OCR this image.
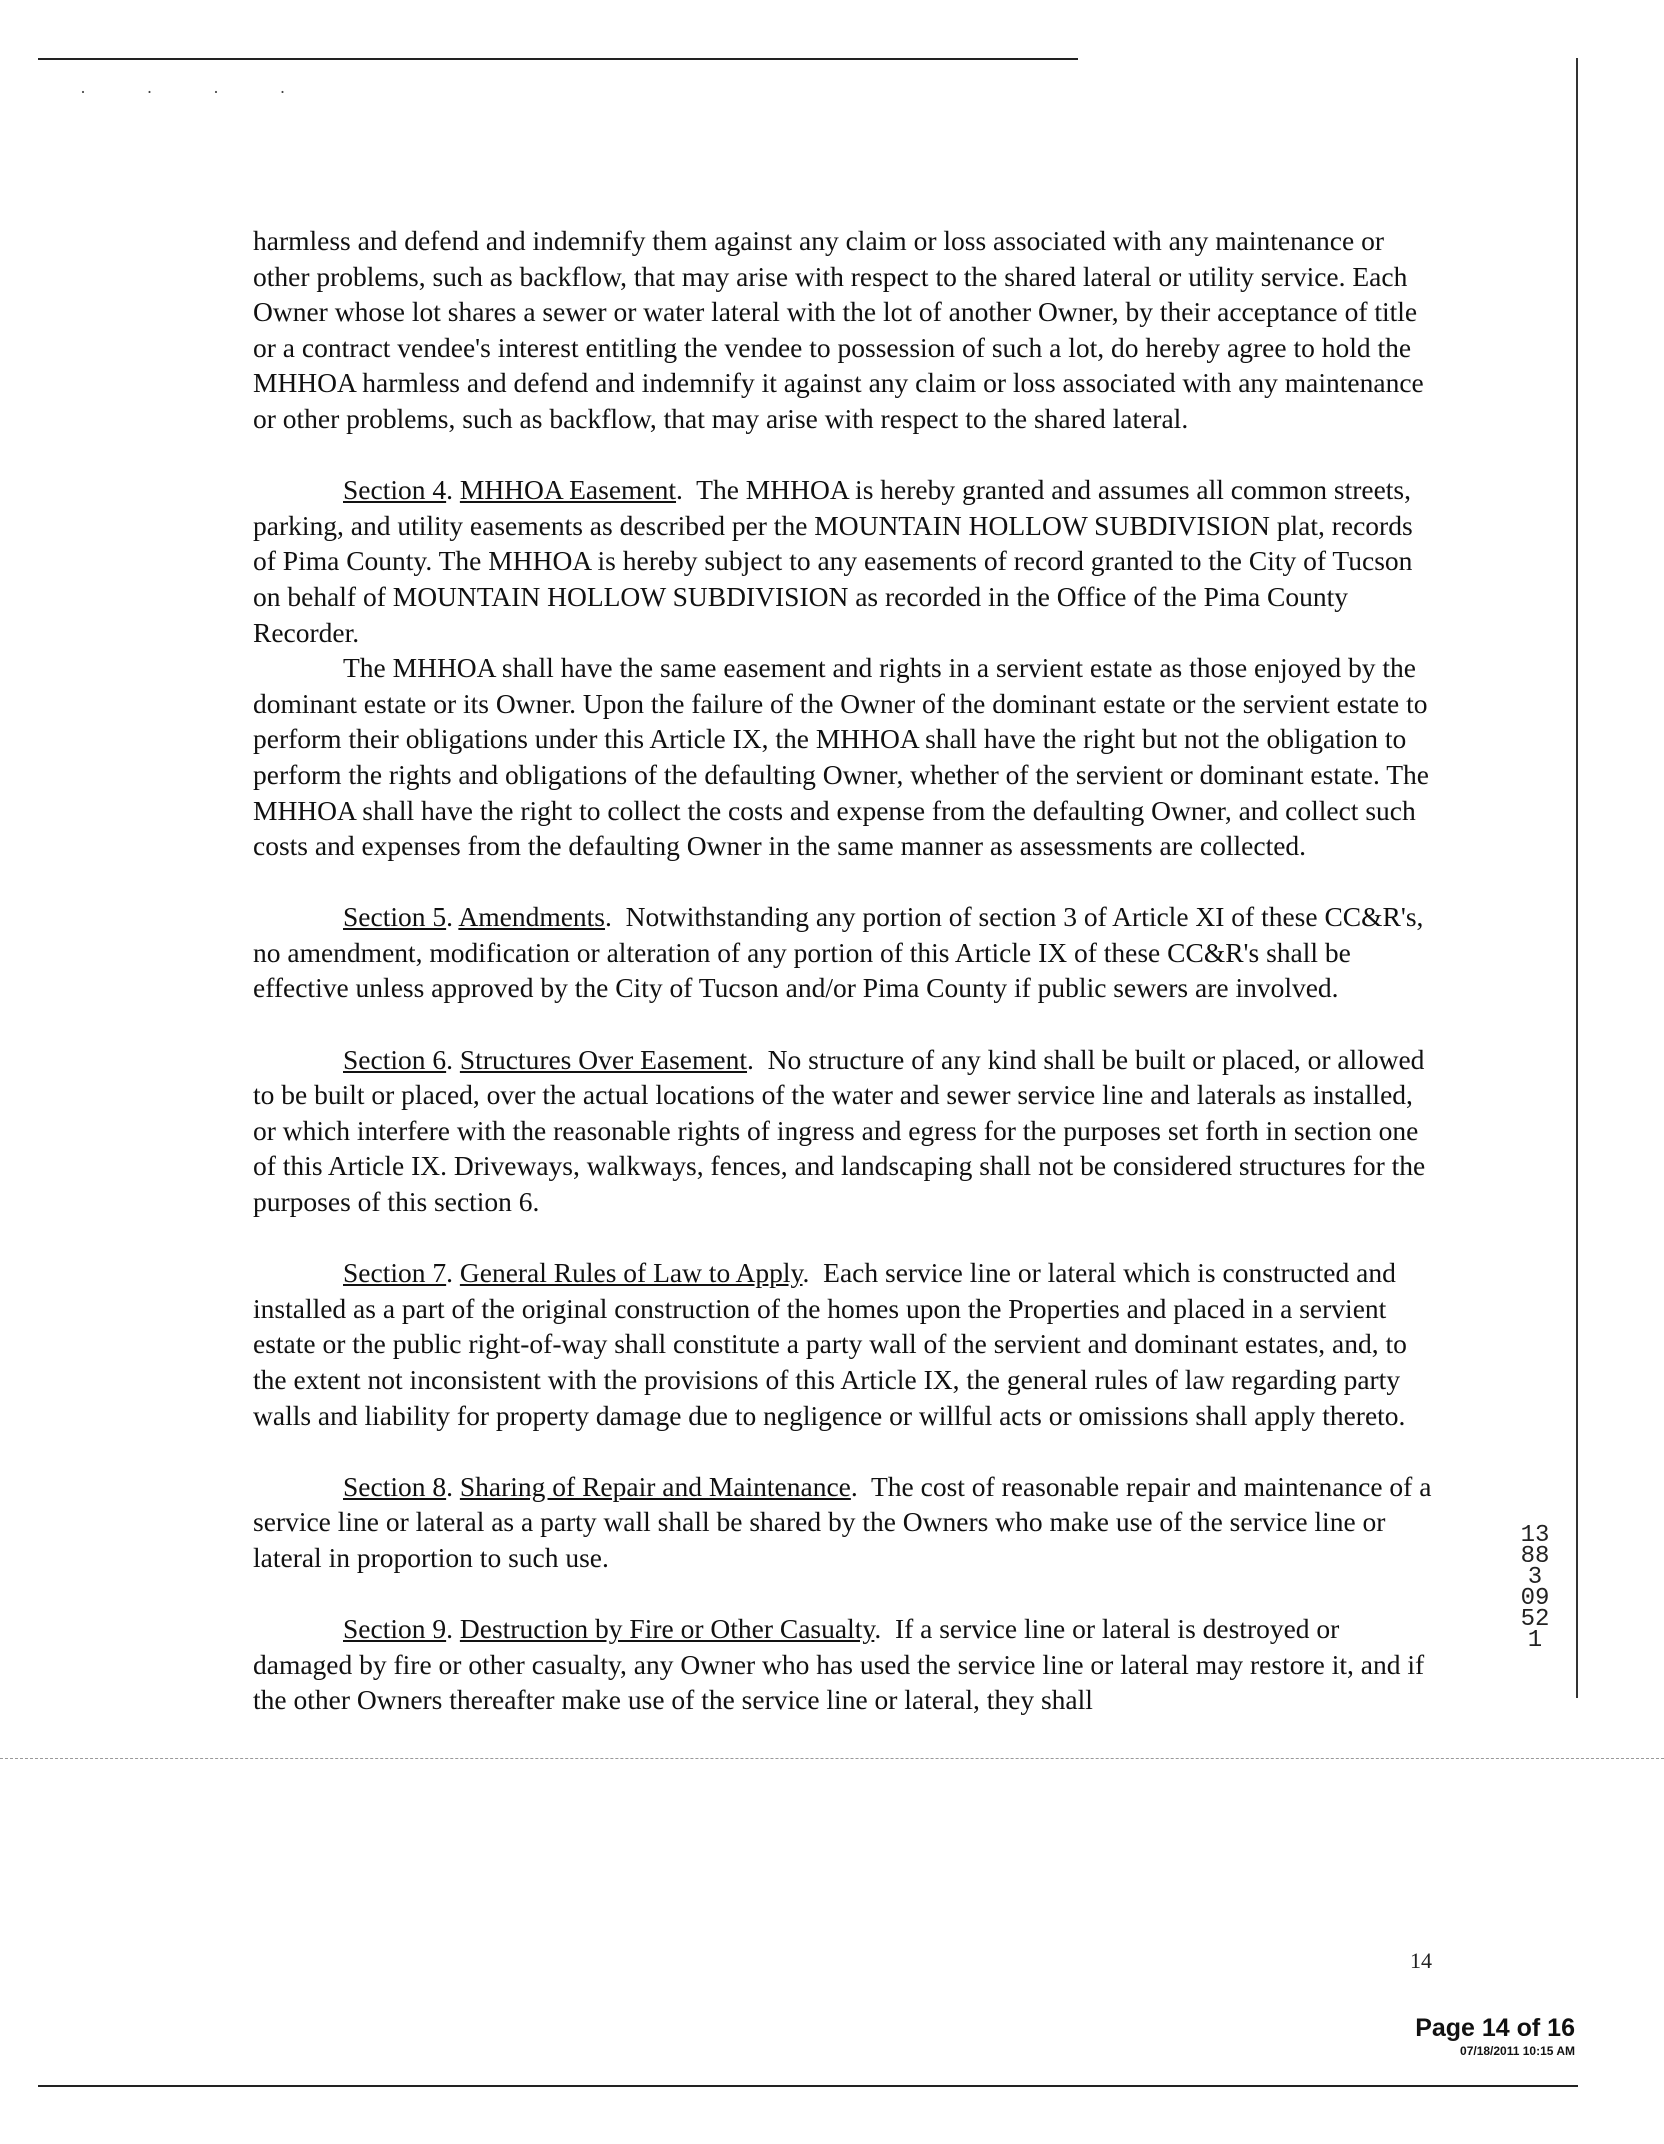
· · · ·

harmless and defend and indemnify them against any claim or loss associated with any maintenance or other problems, such as backflow, that may arise with respect to the shared lateral or utility service. Each Owner whose lot shares a sewer or water lateral with the lot of another Owner, by their acceptance of title or a contract vendee's interest entitling the vendee to possession of such a lot, do hereby agree to hold the MHHOA harmless and defend and indemnify it against any claim or loss associated with any maintenance or other problems, such as backflow, that may arise with respect to the shared lateral.

Section 4. MHHOA Easement.  The MHHOA is hereby granted and assumes all common streets, parking, and utility easements as described per the MOUNTAIN HOLLOW SUBDIVISION plat, records of Pima County. The MHHOA is hereby subject to any easements of record granted to the City of Tucson on behalf of MOUNTAIN HOLLOW SUBDIVISION as recorded in the Office of the Pima County Recorder.

The MHHOA shall have the same easement and rights in a servient estate as those enjoyed by the dominant estate or its Owner. Upon the failure of the Owner of the dominant estate or the servient estate to perform their obligations under this Article IX, the MHHOA shall have the right but not the obligation to perform the rights and obligations of the defaulting Owner, whether of the servient or dominant estate. The MHHOA shall have the right to collect the costs and expense from the defaulting Owner, and collect such costs and expenses from the defaulting Owner in the same manner as assessments are collected.

Section 5. Amendments.  Notwithstanding any portion of section 3 of Article XI of these CC&R's, no amendment, modification or alteration of any portion of this Article IX of these CC&R's shall be effective unless approved by the City of Tucson and/or Pima County if public sewers are involved.

Section 6. Structures Over Easement.  No structure of any kind shall be built or placed, or allowed to be built or placed, over the actual locations of the water and sewer service line and laterals as installed, or which interfere with the reasonable rights of ingress and egress for the purposes set forth in section one of this Article IX. Driveways, walkways, fences, and landscaping shall not be considered structures for the purposes of this section 6.

Section 7. General Rules of Law to Apply.  Each service line or lateral which is constructed and installed as a part of the original construction of the homes upon the Properties and placed in a servient estate or the public right-of-way shall constitute a party wall of the servient and dominant estates, and, to the extent not inconsistent with the provisions of this Article IX, the general rules of law regarding party walls and liability for property damage due to negligence or willful acts or omissions shall apply thereto.

Section 8. Sharing of Repair and Maintenance.  The cost of reasonable repair and maintenance of a service line or lateral as a party wall shall be shared by the Owners who make use of the service line or lateral in proportion to such use.

Section 9. Destruction by Fire or Other Casualty.  If a service line or lateral is destroyed or damaged by fire or other casualty, any Owner who has used the service line or lateral may restore it, and if the other Owners thereafter make use of the service line or lateral, they shall

13883 0952 1
14
Page 14 of 16
07/18/2011 10:15 AM
